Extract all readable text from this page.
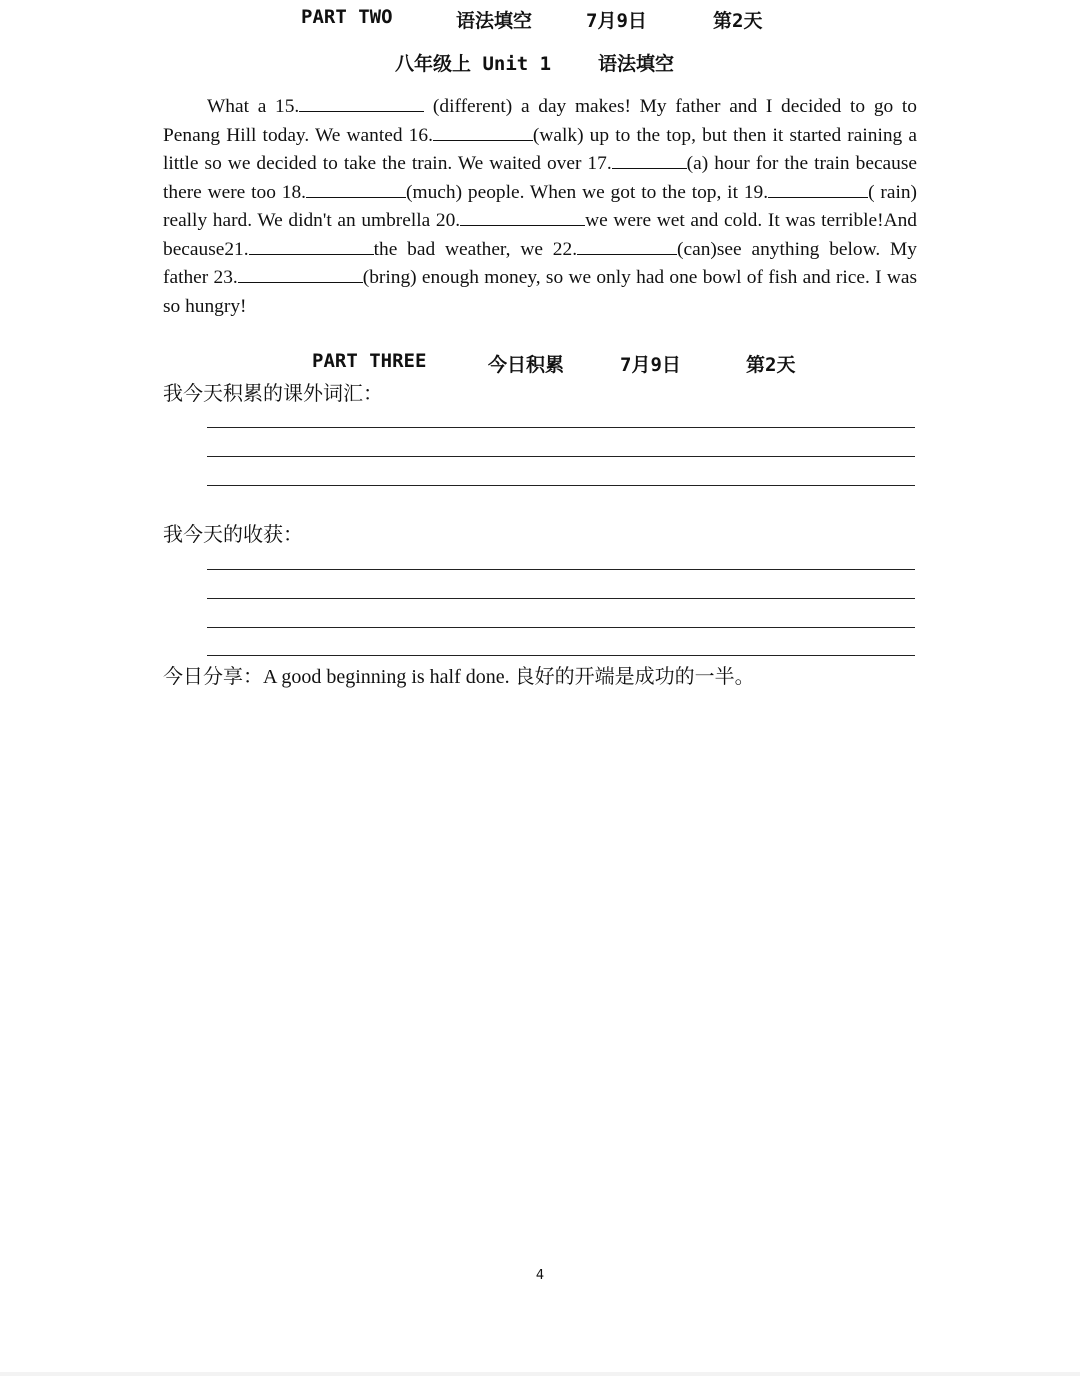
PART TWO	语法填空	7月9日	第2天
八年级上 Unit 1 语法填空
What a 15.	(different) a day makes! My father and I decided to go to Penang Hill today. We wanted 16.	(walk) up to the top, but then it started raining a little so we decided to take the train. We waited over 17.	(a) hour for the train because there were too 18.	(much) people. When we got to the top, it 19.	( rain) really hard. We didn't an umbrella 20.	we were wet and cold. It was terrible!And because21.	the bad weather, we 22.	(can)see anything below. My father 23.	(bring) enough money, so we only had one bowl of fish and rice. I was so hungry!
PART THREE	今日积累	7月9日	第2天
我今天积累的课外词汇：
我今天的收获：
今日分享：A good beginning is half done. 良好的开端是成功的一半。
4
